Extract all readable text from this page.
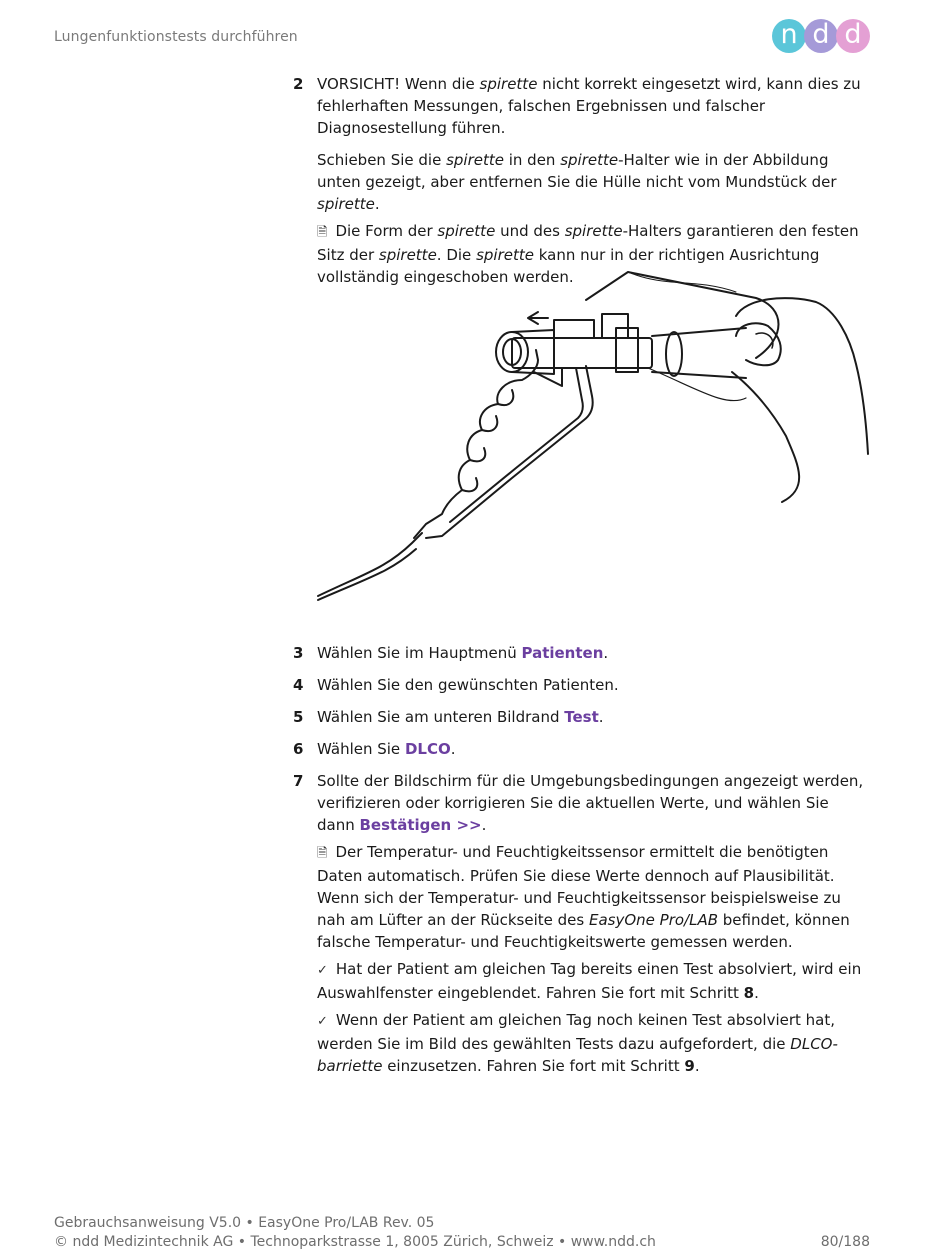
Lungenfunktionstests durchführen	n d d
2 VORSICHT! Wenn die spirette nicht korrekt eingesetzt wird, kann dies zu fehlerhaften Messungen, falschen Ergebnissen und falscher Diagnosestellung führen.

Schieben Sie die spirette in den spirette-Halter wie in der Abbildung unten gezeigt, aber entfernen Sie die Hülle nicht vom Mundstück der spirette.

🗎 Die Form der spirette und des spirette-Halters garantieren den festen Sitz der spirette. Die spirette kann nur in der richtigen Ausrichtung vollständig eingeschoben werden.

3 Wählen Sie im Hauptmenü Patienten.

4 Wählen Sie den gewünschten Patienten.

5 Wählen Sie am unteren Bildrand Test.

6 Wählen Sie DLCO.

7 Sollte der Bildschirm für die Umgebungsbedingungen angezeigt werden, verifizieren oder korrigieren Sie die aktuellen Werte, und wählen Sie dann Bestätigen >>.

🗎 Der Temperatur- und Feuchtigkeitssensor ermittelt die benötigten Daten automatisch. Prüfen Sie diese Werte dennoch auf Plausibilität. Wenn sich der Temperatur- und Feuchtigkeitssensor beispielsweise zu nah am Lüfter an der Rückseite des EasyOne Pro/LAB befindet, können falsche Temperatur- und Feuchtigkeitswerte gemessen werden.

✓ Hat der Patient am gleichen Tag bereits einen Test absolviert, wird ein Auswahlfenster eingeblendet. Fahren Sie fort mit Schritt 8.

✓ Wenn der Patient am gleichen Tag noch keinen Test absolviert hat, werden Sie im Bild des gewählten Tests dazu aufgefordert, die DLCO-barriette einzusetzen. Fahren Sie fort mit Schritt 9.

Gebrauchsanweisung V5.0 • EasyOne Pro/LAB Rev. 05
© ndd Medizintechnik AG • Technoparkstrasse 1, 8005 Zürich, Schweiz • www.ndd.ch	80/188
